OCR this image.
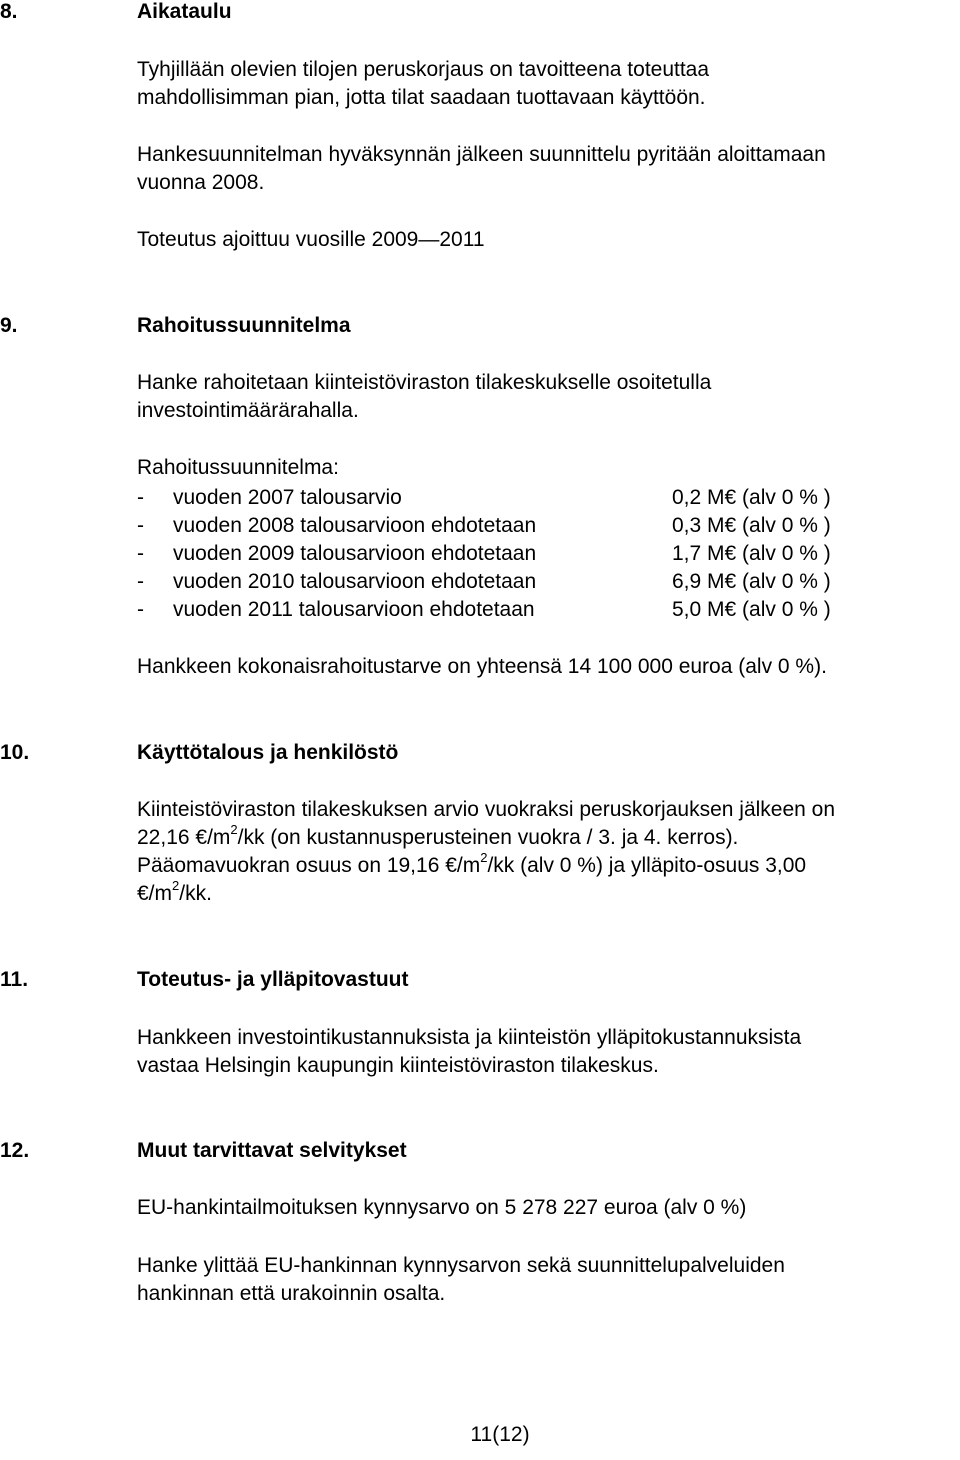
8.	Aikataulu
Tyhjillään olevien tilojen peruskorjaus on tavoitteena toteuttaa
mahdollisimman pian, jotta tilat saadaan tuottavaan käyttöön.
Hankesuunnitelman hyväksynnän jälkeen suunnittelu pyritään aloittamaan
vuonna 2008.
Toteutus ajoittuu vuosille 2009—2011
9.	Rahoitussuunnitelma
Hanke rahoitetaan kiinteistöviraston tilakeskukselle osoitetulla
investointimäärärahalla.
Rahoitussuunnitelma:
- vuoden 2007 talousarvio	0,2 M€ (alv 0 % )
- vuoden 2008 talousarvioon ehdotetaan	0,3 M€ (alv 0 % )
- vuoden 2009 talousarvioon ehdotetaan	1,7 M€ (alv 0 % )
- vuoden 2010 talousarvioon ehdotetaan	6,9 M€ (alv 0 % )
- vuoden 2011 talousarvioon ehdotetaan	5,0 M€ (alv 0 % )
Hankkeen kokonaisrahoitustarve on yhteensä 14 100 000 euroa (alv 0 %).
10.	Käyttötalous ja henkilöstö
Kiinteistöviraston tilakeskuksen arvio vuokraksi peruskorjauksen jälkeen on
22,16 $€/m^2/kk$ (on kustannusperusteinen vuokra / 3. ja 4. kerros).
Pääomavuokran osuus on 19,16 $€/m^2/kk$ (alv 0 %) ja ylläpito-osuus 3,00
$€/m^2/kk$.
11.	Toteutus- ja ylläpitovastuut
Hankkeen investointikustannuksista ja kiinteistön ylläpitokustannuksista
vastaa Helsingin kaupungin kiinteistöviraston tilakeskus.
12.	Muut tarvittavat selvitykset
EU-hankintailmoituksen kynnysarvo on 5 278 227 euroa (alv 0 %)
Hanke ylittää EU-hankinnan kynnysarvon sekä suunnittelupalveluiden
hankinnan että urakoinnin osalta.
11(12)
